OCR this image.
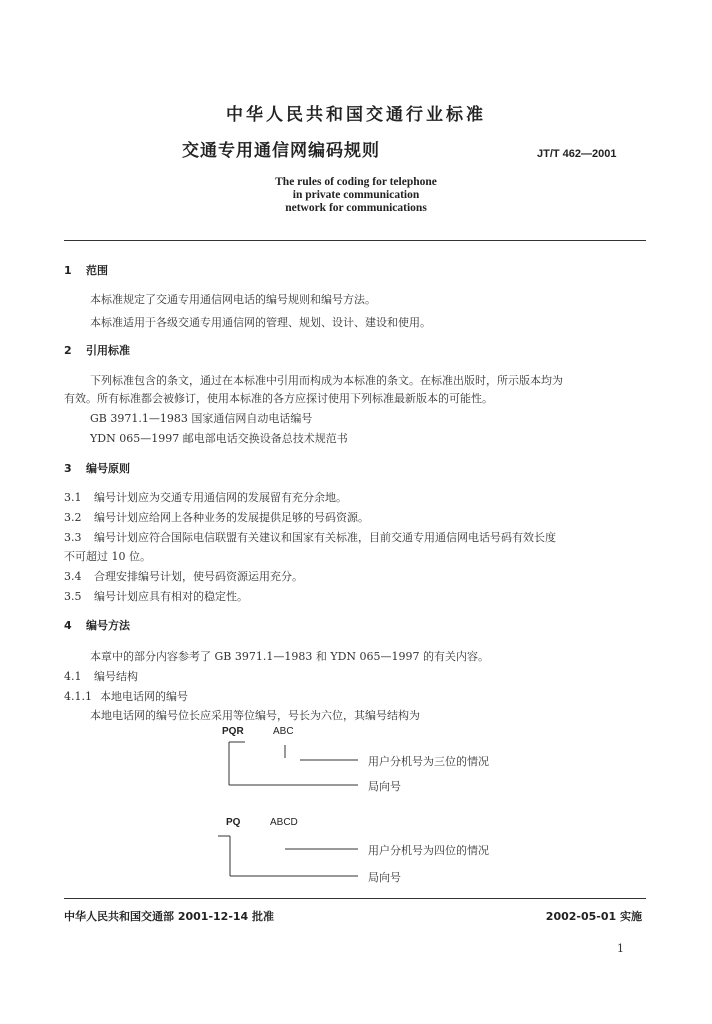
中华人民共和国交通行业标准
交通专用通信网编码规则	JT/T 462—2001
The rules of coding for telephone
in private communication
network for communications
1 范围
本标准规定了交通专用通信网电话的编号规则和编号方法。
本标准适用于各级交通专用通信网的管理、规划、设计、建设和使用。
2 引用标准
下列标准包含的条文，通过在本标准中引用而构成为本标准的条文。在标准出版时，所示版本均为
有效。所有标准都会被修订，使用本标准的各方应探讨使用下列标准最新版本的可能性。
GB 3971.1—1983 国家通信网自动电话编号
YDN 065—1997 邮电部电话交换设备总技术规范书
3 编号原则
3.1 编号计划应为交通专用通信网的发展留有充分余地。
3.2 编号计划应给网上各种业务的发展提供足够的号码资源。
3.3 编号计划应符合国际电信联盟有关建议和国家有关标准，目前交通专用通信网电话号码有效长度
不可超过 10 位。
3.4 合理安排编号计划，使号码资源运用充分。
3.5 编号计划应具有相对的稳定性。
4 编号方法
本章中的部分内容参考了 GB 3971.1—1983 和 YDN 065—1997 的有关内容。
4.1 编号结构
4.1.1 本地电话网的编号
本地电话网的编号位长应采用等位编号，号长为六位，其编号结构为
PQR	ABC
用户分机号为三位的情况
局向号
PQ	ABCD
用户分机号为四位的情况
局向号
中华人民共和国交通部 2001-12-14 批准	2002-05-01 实施
1
